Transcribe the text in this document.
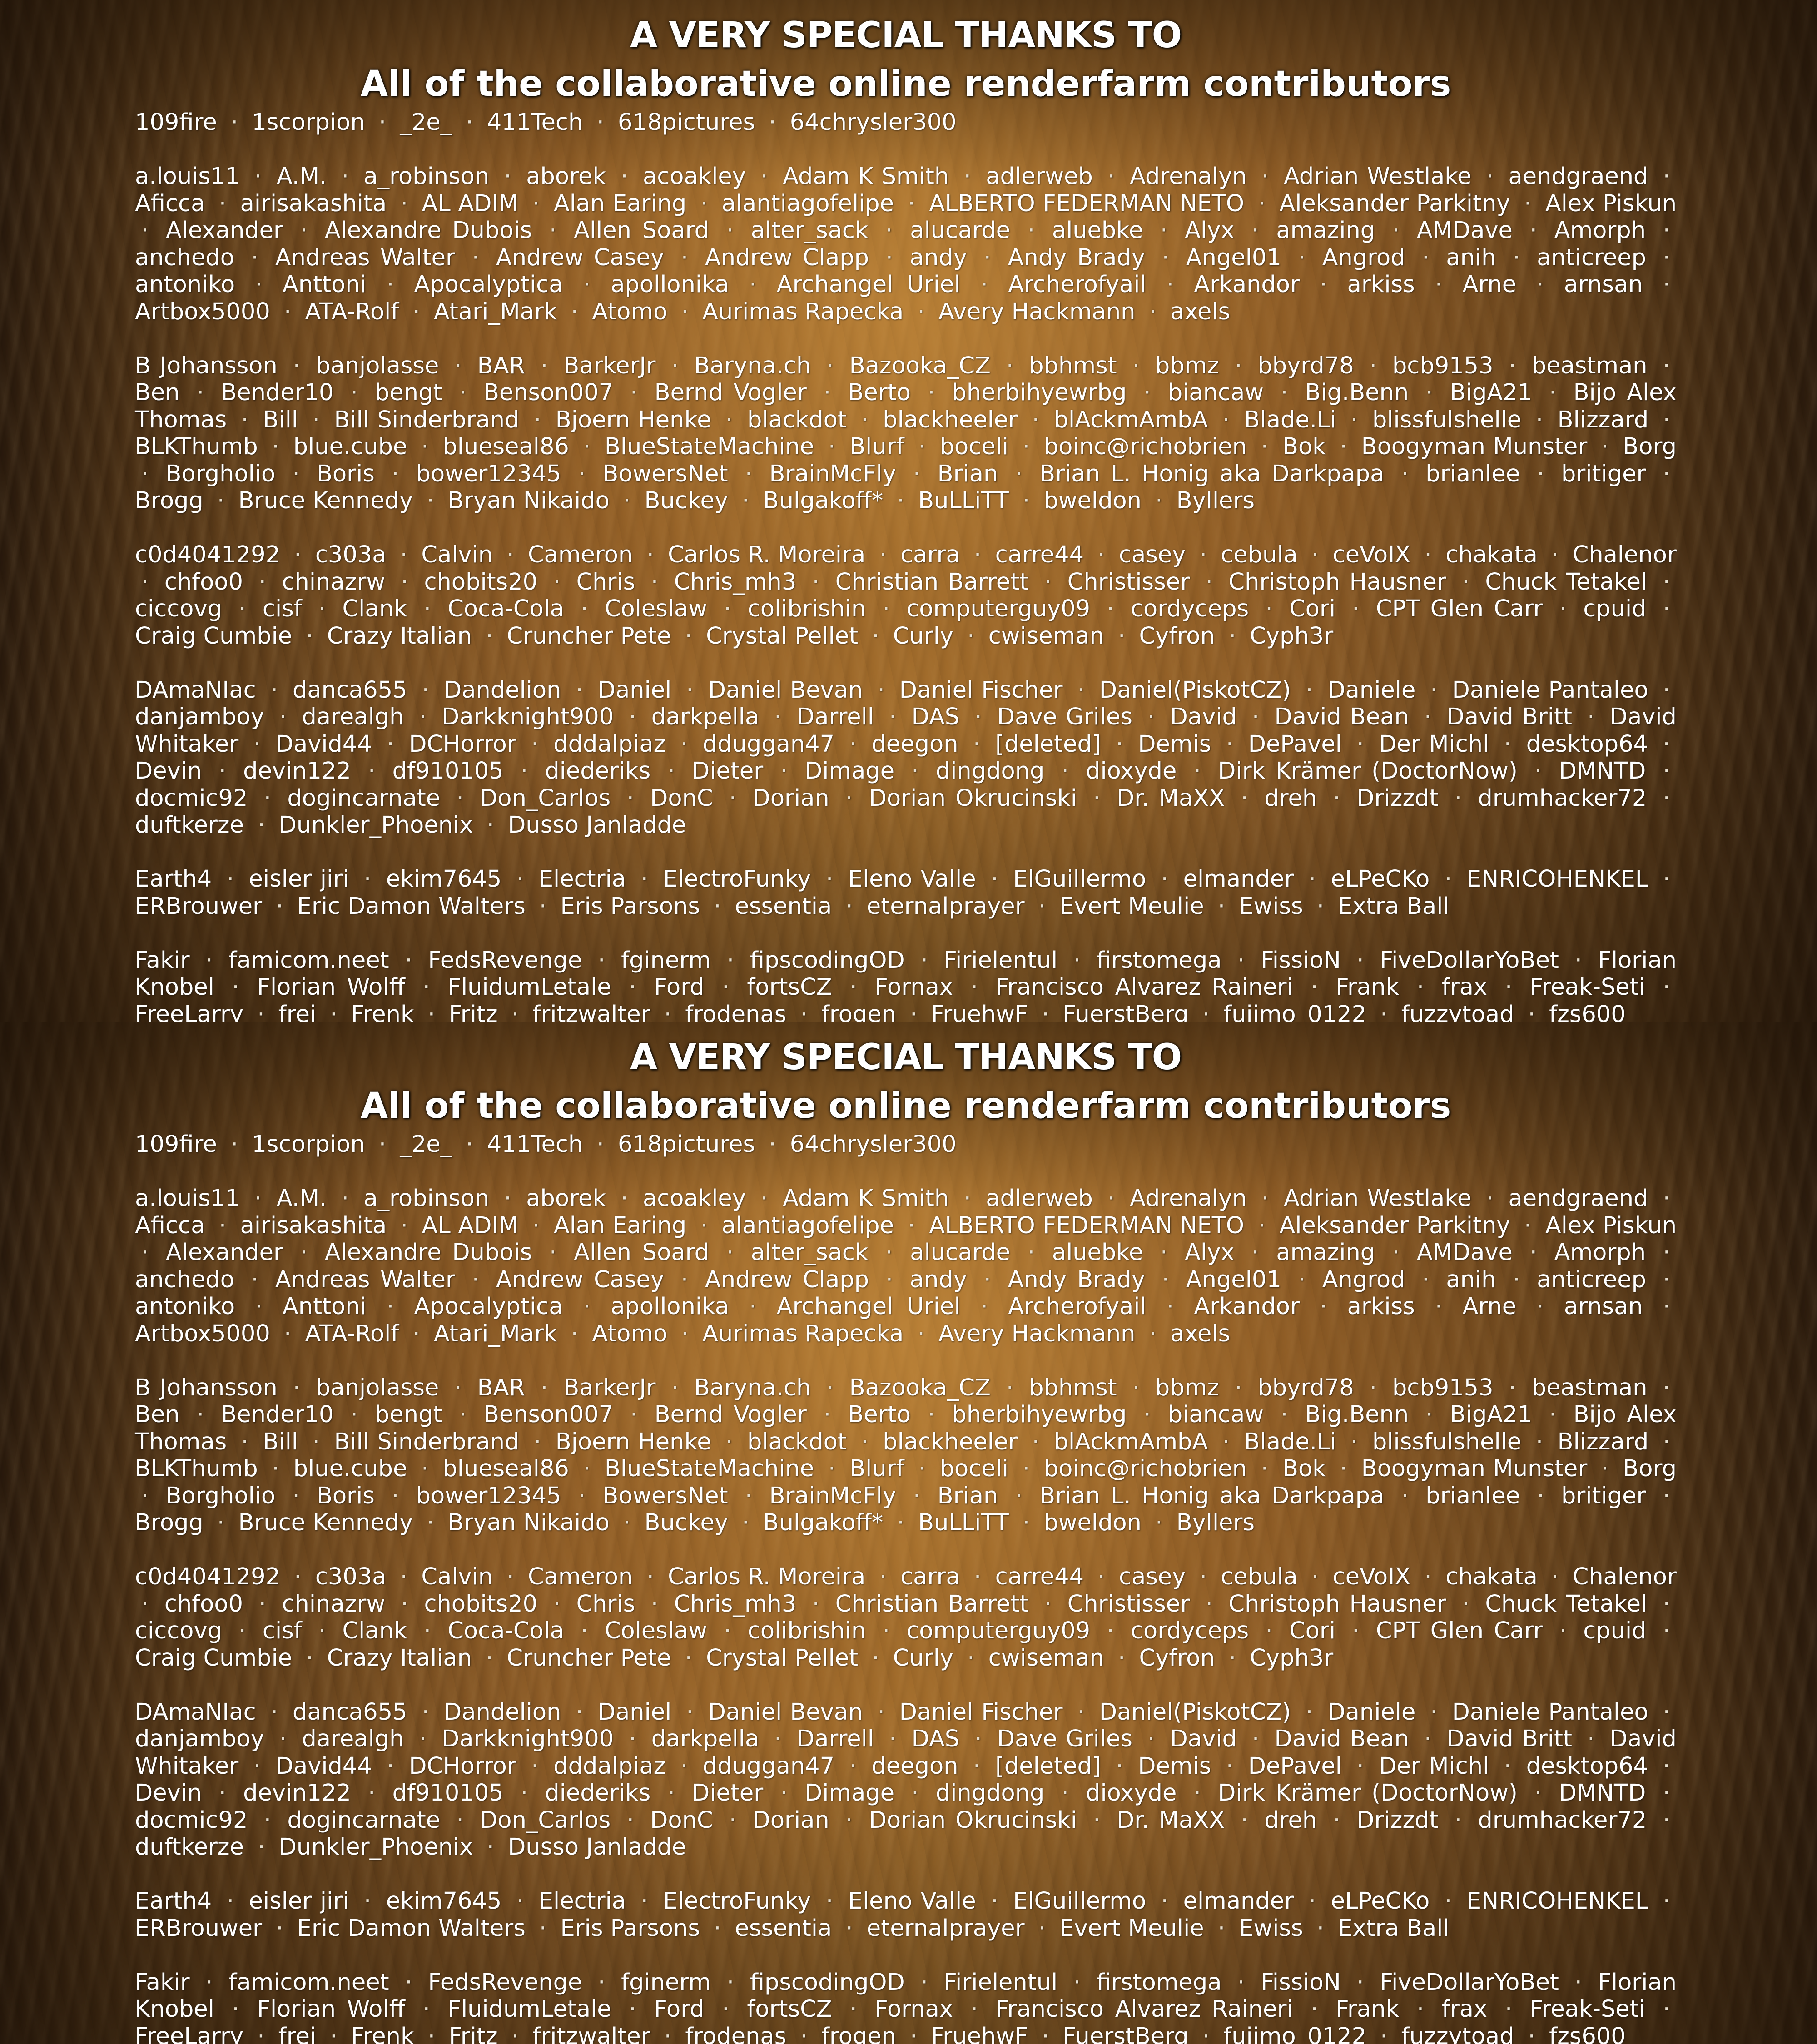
A VERY SPECIAL THANKS TO
All of the collaborative online renderfarm contributors

109fire · 1scorpion · _2e_ · 411Tech · 618pictures · 64chrysler300

a.louis11 · A.M. · a_robinson · aborek · acoakley · Adam K Smith · adlerweb · Adrenalyn · Adrian Westlake · aendgraend · Aficca · airisakashita · AL ADIM · Alan Earing · alantiagofelipe · ALBERTO FEDERMAN NETO · Aleksander Parkitny · Alex Piskun · Alexander · Alexandre Dubois · Allen Soard · alter_sack · alucarde · aluebke · Alyx · amazing · AMDave · Amorph · anchedo · Andreas Walter · Andrew Casey · Andrew Clapp · andy · Andy Brady · Angel01 · Angrod · anih · anticreep · antoniko · Anttoni · Apocalyptica · apollonika · Archangel Uriel · Archerofyail · Arkandor · arkiss · Arne · arnsan · Artbox5000 · ATA-Rolf · Atari_Mark · Atomo · Aurimas Rapecka · Avery Hackmann · axels

B Johansson · banjolasse · BAR · BarkerJr · Baryna.ch · Bazooka_CZ · bbhmst · bbmz · bbyrd78 · bcb9153 · beastman · Ben · Bender10 · bengt · Benson007 · Bernd Vogler · Berto · bherbihyewrbg · biancaw · Big.Benn · BigA21 · Bijo Alex Thomas · Bill · Bill Sinderbrand · Bjoern Henke · blackdot · blackheeler · blAckmAmbA · Blade.Li · blissfulshelle · Blizzard · BLKThumb · blue.cube · blueseal86 · BlueStateMachine · Blurf · boceli · boinc@richobrien · Bok · Boogyman Munster · Borg · Borgholio · Boris · bower12345 · BowersNet · BrainMcFly · Brian · Brian L. Honig aka Darkpapa · brianlee · britiger · Brogg · Bruce Kennedy · Bryan Nikaido · Buckey · Bulgakoff* · BuLLiTT · bweldon · Byllers

c0d4041292 · c303a · Calvin · Cameron · Carlos R. Moreira · carra · carre44 · casey · cebula · ceVoIX · chakata · Chalenor · chfoo0 · chinazrw · chobits20 · Chris · Chris_mh3 · Christian Barrett · Christisser · Christoph Hausner · Chuck Tetakel · ciccovg · cisf · Clank · Coca-Cola · Coleslaw · colibrishin · computerguy09 · cordyceps · Cori · CPT Glen Carr · cpuid · Craig Cumbie · Crazy Italian · Cruncher Pete · Crystal Pellet · Curly · cwiseman · Cyfron · Cyph3r

DAmaNIac · danca655 · Dandelion · Daniel · Daniel Bevan · Daniel Fischer · Daniel(PiskotCZ) · Daniele · Daniele Pantaleo · danjamboy · darealgh · Darkknight900 · darkpella · Darrell · DAS · Dave Griles · David · David Bean · David Britt · David Whitaker · David44 · DCHorror · dddalpiaz · dduggan47 · deegon · [deleted] · Demis · DePavel · Der Michl · desktop64 · Devin · devin122 · df910105 · diederiks · Dieter · Dimage · dingdong · dioxyde · Dirk Krämer (DoctorNow) · DMNTD · docmic92 · dogincarnate · Don_Carlos · DonC · Dorian · Dorian Okrucinski · Dr. MaXX · dreh · Drizzdt · drumhacker72 · duftkerze · Dunkler_Phoenix · Dusso Janladde

Earth4 · eisler jiri · ekim7645 · Electria · ElectroFunky · Eleno Valle · ElGuillermo · elmander · eLPeCKo · ENRICOHENKEL · ERBrouwer · Eric Damon Walters · Eris Parsons · essentia · eternalprayer · Evert Meulie · Ewiss · Extra Ball

Fakir · famicom.neet · FedsRevenge · fginerm · fipscodingOD · Firielentul · firstomega · FissioN · FiveDollarYoBet · Florian Knobel · Florian Wolff · FluidumLetale · Ford · fortsCZ · Fornax · Francisco Alvarez Raineri · Frank · frax · Freak-Seti · FreeLarry · frei · Frenk · Fritz · fritzwalter · frodenas · frogen · FruehwF · FuerstBerg · fujimo_0122 · fuzzytoad · fzs600

A VERY SPECIAL THANKS TO
All of the collaborative online renderfarm contributors

109fire · 1scorpion · _2e_ · 411Tech · 618pictures · 64chrysler300

a.louis11 · A.M. · a_robinson · aborek · acoakley · Adam K Smith · adlerweb · Adrenalyn · Adrian Westlake · aendgraend · Aficca · airisakashita · AL ADIM · Alan Earing · alantiagofelipe · ALBERTO FEDERMAN NETO · Aleksander Parkitny · Alex Piskun · Alexander · Alexandre Dubois · Allen Soard · alter_sack · alucarde · aluebke · Alyx · amazing · AMDave · Amorph · anchedo · Andreas Walter · Andrew Casey · Andrew Clapp · andy · Andy Brady · Angel01 · Angrod · anih · anticreep · antoniko · Anttoni · Apocalyptica · apollonika · Archangel Uriel · Archerofyail · Arkandor · arkiss · Arne · arnsan · Artbox5000 · ATA-Rolf · Atari_Mark · Atomo · Aurimas Rapecka · Avery Hackmann · axels

B Johansson · banjolasse · BAR · BarkerJr · Baryna.ch · Bazooka_CZ · bbhmst · bbmz · bbyrd78 · bcb9153 · beastman · Ben · Bender10 · bengt · Benson007 · Bernd Vogler · Berto · bherbihyewrbg · biancaw · Big.Benn · BigA21 · Bijo Alex Thomas · Bill · Bill Sinderbrand · Bjoern Henke · blackdot · blackheeler · blAckmAmbA · Blade.Li · blissfulshelle · Blizzard · BLKThumb · blue.cube · blueseal86 · BlueStateMachine · Blurf · boceli · boinc@richobrien · Bok · Boogyman Munster · Borg · Borgholio · Boris · bower12345 · BowersNet · BrainMcFly · Brian · Brian L. Honig aka Darkpapa · brianlee · britiger · Brogg · Bruce Kennedy · Bryan Nikaido · Buckey · Bulgakoff* · BuLLiTT · bweldon · Byllers

c0d4041292 · c303a · Calvin · Cameron · Carlos R. Moreira · carra · carre44 · casey · cebula · ceVoIX · chakata · Chalenor · chfoo0 · chinazrw · chobits20 · Chris · Chris_mh3 · Christian Barrett · Christisser · Christoph Hausner · Chuck Tetakel · ciccovg · cisf · Clank · Coca-Cola · Coleslaw · colibrishin · computerguy09 · cordyceps · Cori · CPT Glen Carr · cpuid · Craig Cumbie · Crazy Italian · Cruncher Pete · Crystal Pellet · Curly · cwiseman · Cyfron · Cyph3r

DAmaNIac · danca655 · Dandelion · Daniel · Daniel Bevan · Daniel Fischer · Daniel(PiskotCZ) · Daniele · Daniele Pantaleo · danjamboy · darealgh · Darkknight900 · darkpella · Darrell · DAS · Dave Griles · David · David Bean · David Britt · David Whitaker · David44 · DCHorror · dddalpiaz · dduggan47 · deegon · [deleted] · Demis · DePavel · Der Michl · desktop64 · Devin · devin122 · df910105 · diederiks · Dieter · Dimage · dingdong · dioxyde · Dirk Krämer (DoctorNow) · DMNTD · docmic92 · dogincarnate · Don_Carlos · DonC · Dorian · Dorian Okrucinski · Dr. MaXX · dreh · Drizzdt · drumhacker72 · duftkerze · Dunkler_Phoenix · Dusso Janladde

Earth4 · eisler jiri · ekim7645 · Electria · ElectroFunky · Eleno Valle · ElGuillermo · elmander · eLPeCKo · ENRICOHENKEL · ERBrouwer · Eric Damon Walters · Eris Parsons · essentia · eternalprayer · Evert Meulie · Ewiss · Extra Ball

Fakir · famicom.neet · FedsRevenge · fginerm · fipscodingOD · Firielentul · firstomega · FissioN · FiveDollarYoBet · Florian Knobel · Florian Wolff · FluidumLetale · Ford · fortsCZ · Fornax · Francisco Alvarez Raineri · Frank · frax · Freak-Seti · FreeLarry · frei · Frenk · Fritz · fritzwalter · frodenas · frogen · FruehwF · FuerstBerg · fujimo_0122 · fuzzytoad · fzs600
